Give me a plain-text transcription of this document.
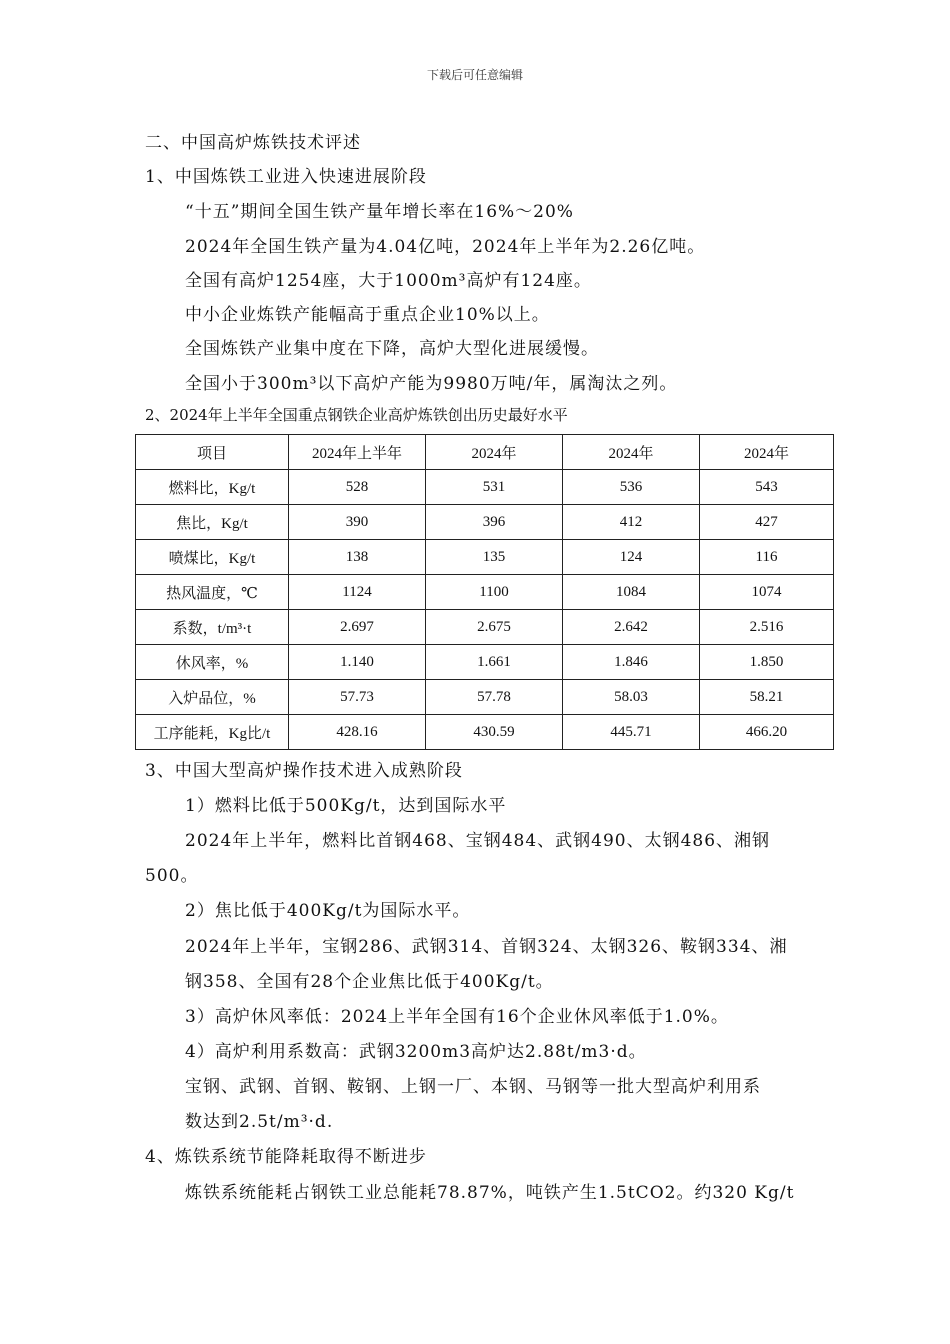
下载后可任意编辑
二、中国高炉炼铁技术评述
1、中国炼铁工业进入快速进展阶段
“十五”期间全国生铁产量年增长率在16%～20%
2024年全国生铁产量为4.04亿吨，2024年上半年为2.26亿吨。
全国有高炉1254座，大于1000m³高炉有124座。
中小企业炼铁产能幅高于重点企业10%以上。
全国炼铁产业集中度在下降，高炉大型化进展缓慢。
全国小于300m³以下高炉产能为9980万吨/年，属淘汰之列。
2、2024年上半年全国重点钢铁企业高炉炼铁创出历史最好水平
项目	2024年上半年	2024年	2024年	2024年
燃料比，Kg/t	528	531	536	543
焦比，Kg/t	390	396	412	427
喷煤比，Kg/t	138	135	124	116
热风温度，℃	1124	1100	1084	1074
系数，t/m³·t	2.697	2.675	2.642	2.516
休风率，%	1.140	1.661	1.846	1.850
入炉品位，%	57.73	57.78	58.03	58.21
工序能耗，Kg比/t	428.16	430.59	445.71	466.20
3、中国大型高炉操作技术进入成熟阶段
1）燃料比低于500Kg/t，达到国际水平
2024年上半年，燃料比首钢468、宝钢484、武钢490、太钢486、湘钢
500。
2）焦比低于400Kg/t为国际水平。
2024年上半年，宝钢286、武钢314、首钢324、太钢326、鞍钢334、湘
钢358、全国有28个企业焦比低于400Kg/t。
3）高炉休风率低：2024上半年全国有16个企业休风率低于1.0%。
4）高炉利用系数高：武钢3200m3高炉达2.88t/m3·d。
宝钢、武钢、首钢、鞍钢、上钢一厂、本钢、马钢等一批大型高炉利用系
数达到2.5t/m³·d.
4、炼铁系统节能降耗取得不断进步
炼铁系统能耗占钢铁工业总能耗78.87%，吨铁产生1.5tCO2。约320 Kg/t
